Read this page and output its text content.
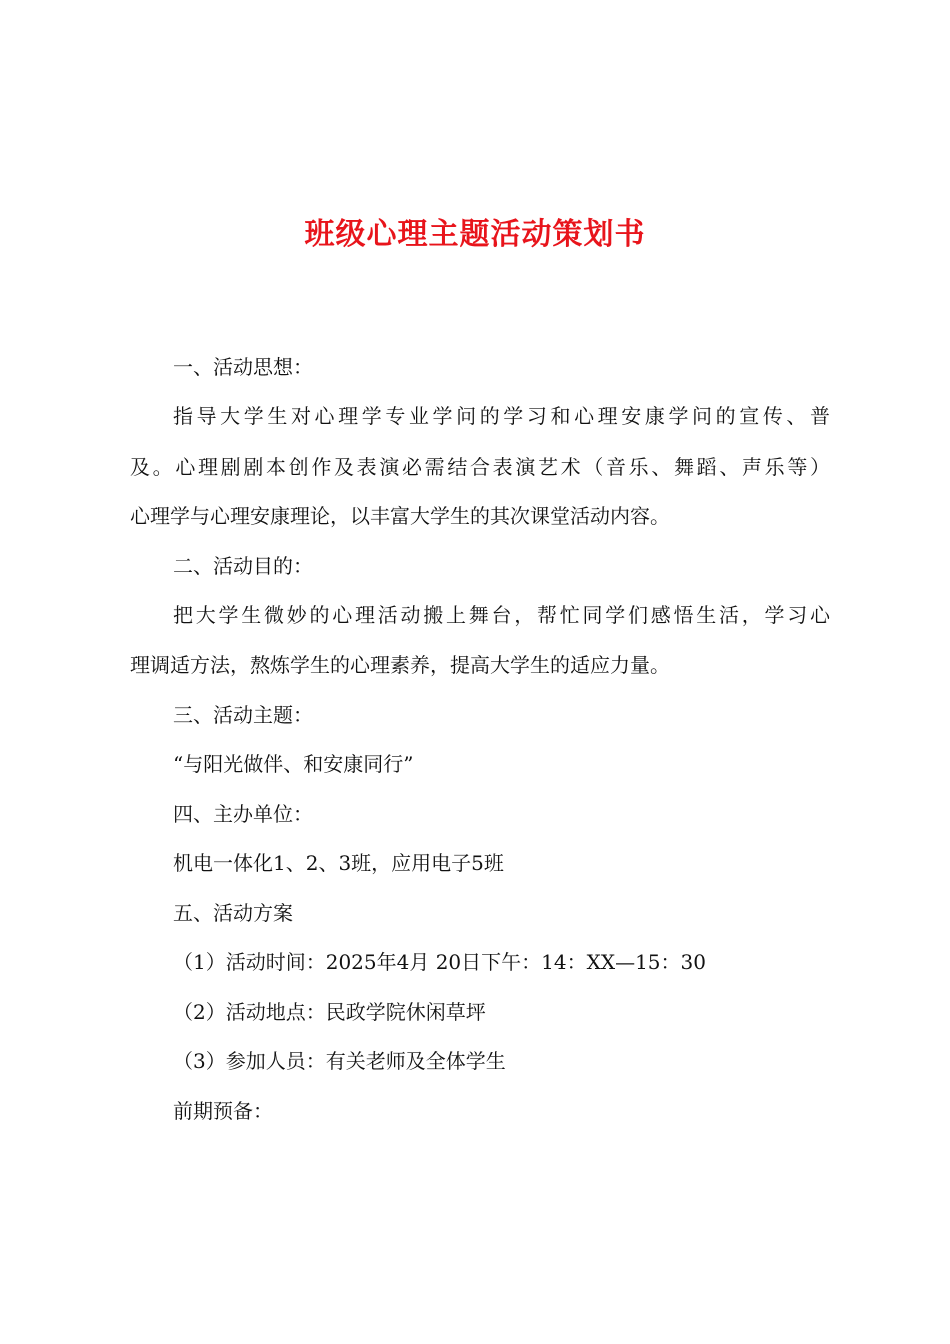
班级心理主题活动策划书
一、活动思想：
指导大学生对心理学专业学问的学习和心理安康学问的宣传、普
及。心理剧剧本创作及表演必需结合表演艺术（音乐、舞蹈、声乐等）
心理学与心理安康理论，以丰富大学生的其次课堂活动内容。
二、活动目的：
把大学生微妙的心理活动搬上舞台，帮忙同学们感悟生活，学习心
理调适方法，熬炼学生的心理素养，提高大学生的适应力量。
三、活动主题：
“与阳光做伴、和安康同行”
四、主办单位：
机电一体化1、2、3班，应用电子5班
五、活动方案
（1）活动时间：2025年4月 20日下午：14：XX—15：30
（2）活动地点：民政学院休闲草坪
（3）参加人员：有关老师及全体学生
前期预备：
